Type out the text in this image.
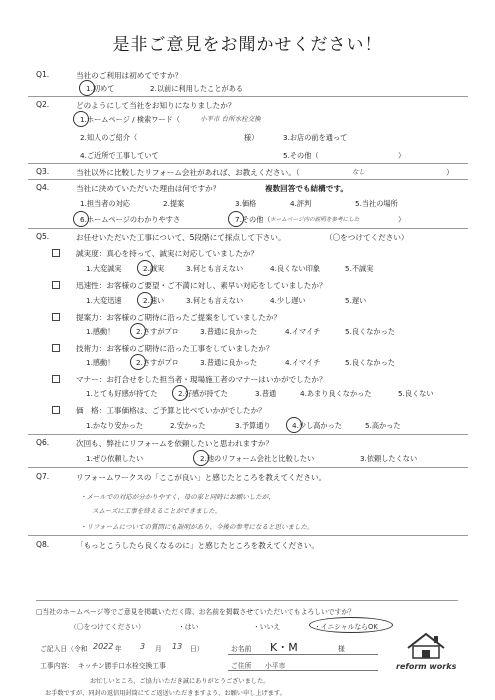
是非ご意見をお聞かせください！
Q1.	当社のご利用は初めてですか？
1.初めて	2.以前に利用したことがある
Q2.	どのようにして当社をお知りになりましたか？
1.ホームページ / 検索ワード（	小平市 台所水栓交換
2.知人のご紹介（	様）	3.お店の前を通って
4.ご近所で工事していて	5.その他（	）
Q3.	当社以外に比較したリフォーム会社があれば、お教えください。（	なし	）
Q4.	当社に決めていただいた理由は何ですか？	複数回答でも結構です。
1.担当者の対応	2.提案	3.価格	4.評判	5.当社の場所
6.ホームページのわかりやすさ	7.その他（ ホームページ内の説明を参考にした	）
Q5.	お任せいただいた工事について、5段階にて採点して下さい。	（〇をつけてください）
誠実度：真心を持って、誠実に対応していましたか？
1.大変誠実	2.誠実	3.何とも言えない	4.良くない印象	5.不誠実
迅速性：お客様のご要望・ご不満に対し、素早い対応をしていましたか？
1.大変迅速	2.速い	3.何とも言えない	4.少し遅い	5.遅い
提案力：お客様のご期待に沿ったご提案をしていましたか？
1.感動！	2.さすがプロ	3.普通に良かった	4.イマイチ	5.良くなかった
技術力：お客様のご期待に沿った工事をしていましたか？
1.感動！	2.さすがプロ	3.普通に良かった	4.イマイチ	5.良くなかった
マナー：お打合せをした担当者・現場施工者のマナーはいかがでしたか？
1.とても好感が持てた	2.好感が持てた	3.普通	4.あまり良くなかった	5.良くない
価　格：工事価格は、ご予算と比べていかがでしたか？
1.かなり安かった	2.安かった	3.予算通り	4.少し高かった	5.高かった
Q6.	次回も、弊社にリフォームを依頼したいと思われますか？
1.ぜひ依頼したい	2.他のリフォーム会社と比較したい	3.依頼したくない
Q7.	リフォームワークスの「ここが良い」と感じたところを教えてください。
・メールでの対応が分かりやすく、母の家と同時にお願いしたが、
スムーズに工事を終えることができました。
・リフォームについての質問にも説明があり、今後の参考になると思いました。
Q8.	「もっとこうしたら良くなるのに」と感じたところを教えてください。
□当社のホームページ等でご意見を掲載いただく際、お名前を掲載させていただいてもよろしいですか？
（〇をつけてください）	・はい	・いいえ	・イニシャルならOK
ご記入日（令和 2022 年 3 月 13 日）	お名前 K・M	様
工事内容： キッチン勝手口水栓交換工事	ご住所 小平市
お忙しいところ、ご協力いただき誠にありがとうございました。
お手数ですが、同封の返信用封筒にてご返送いただきますよう、お願い申し上げます。
reform works
